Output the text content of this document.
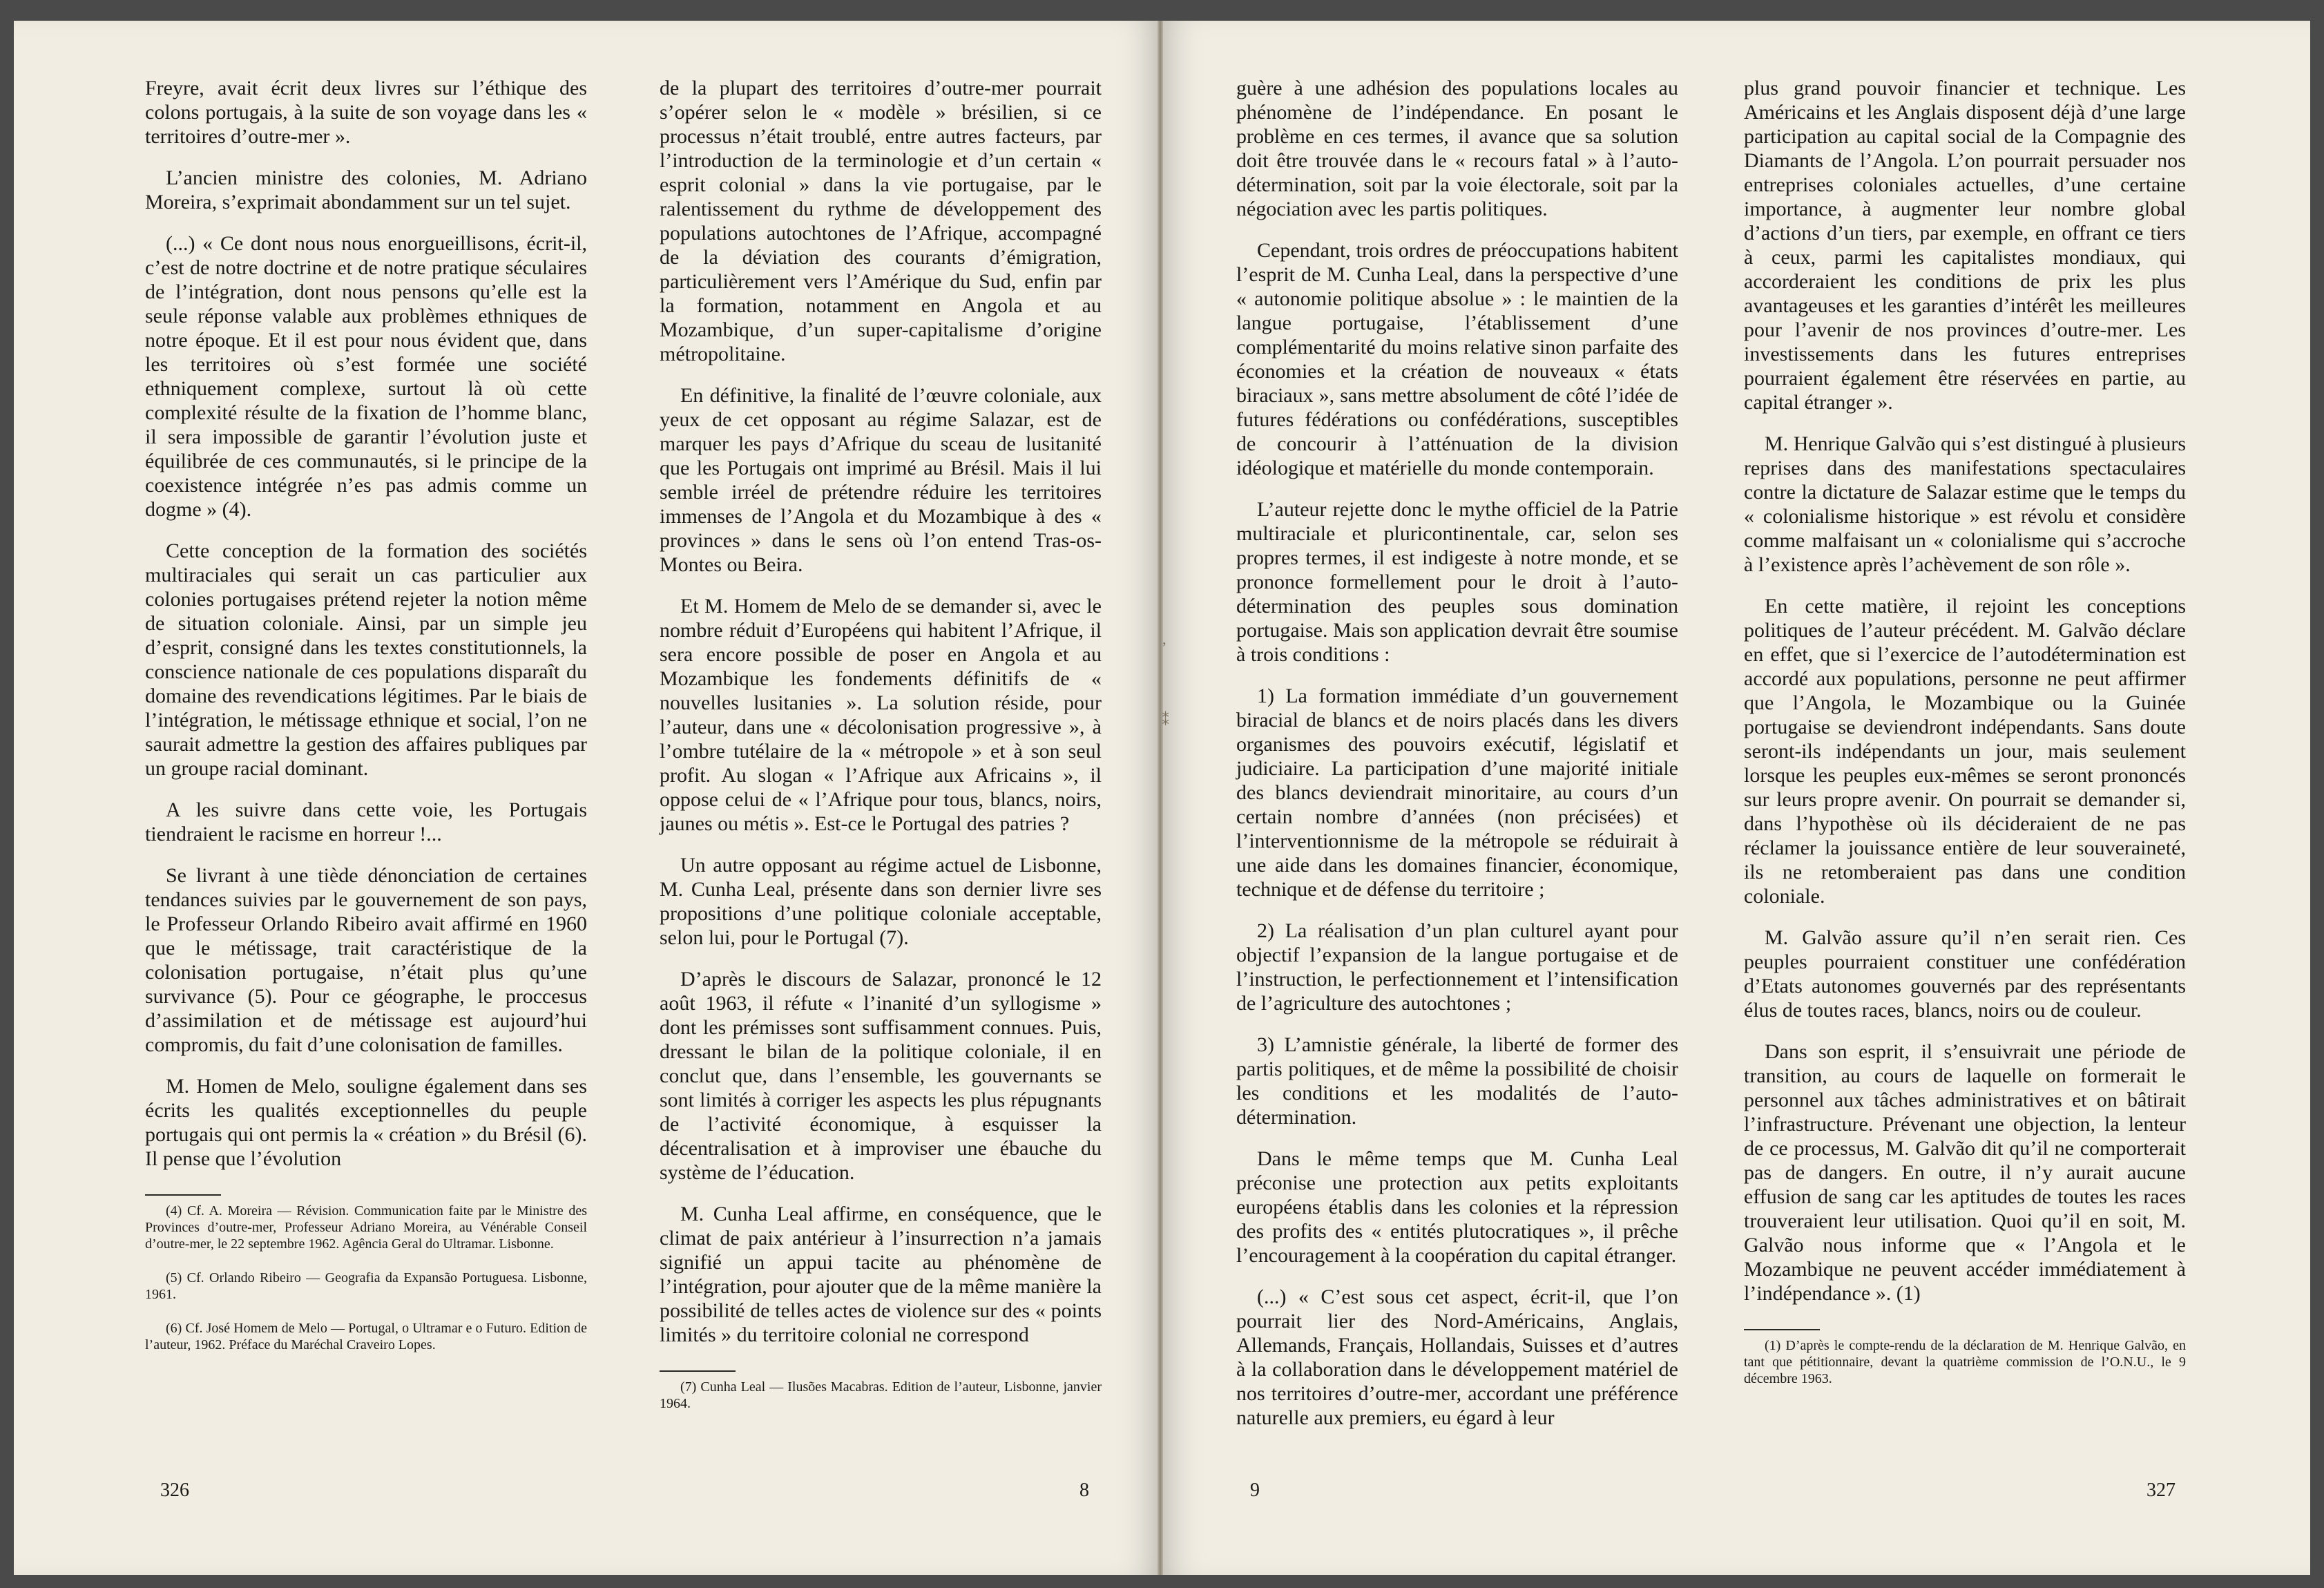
ʼ
⁑

Freyre, avait écrit deux livres sur l’éthique des colons portugais, à la suite de son voyage dans les « territoires d’outre-mer ».

L’ancien ministre des colonies, M. Adriano Moreira, s’exprimait abondamment sur un tel sujet.

(...) « Ce dont nous nous enorgueillisons, écrit-il, c’est de notre doctrine et de notre pratique séculaires de l’intégration, dont nous pensons qu’elle est la seule réponse valable aux problèmes ethniques de notre époque. Et il est pour nous évident que, dans les territoires où s’est formée une société ethniquement complexe, surtout là où cette complexité résulte de la fixation de l’homme blanc, il sera impossible de garantir l’évolution juste et équilibrée de ces communautés, si le principe de la coexistence intégrée n’es pas admis comme un dogme » (4).

Cette conception de la formation des sociétés multiraciales qui serait un cas particulier aux colonies portugaises prétend rejeter la notion même de situation coloniale. Ainsi, par un simple jeu d’esprit, consigné dans les textes constitutionnels, la conscience nationale de ces populations disparaît du domaine des revendications légitimes. Par le biais de l’intégration, le métissage ethnique et social, l’on ne saurait admettre la gestion des affaires publiques par un groupe racial dominant.

A les suivre dans cette voie, les Portugais tiendraient le racisme en horreur !...

Se livrant à une tiède dénonciation de certaines tendances suivies par le gouvernement de son pays, le Professeur Orlando Ribeiro avait affirmé en 1960 que le métissage, trait caractéristique de la colonisation portugaise, n’était plus qu’une survivance (5). Pour ce géographe, le proccesus d’assimilation et de métissage est aujourd’hui compromis, du fait d’une colonisation de familles.

M. Homen de Melo, souligne également dans ses écrits les qualités exceptionnelles du peuple portugais qui ont permis la « création » du Brésil (6). Il pense que l’évolution

(4) Cf. A. Moreira — Révision. Communication faite par le Ministre des Provinces d’outre-mer, Professeur Adriano Moreira, au Vénérable Conseil d’outre-mer, le 22 septembre 1962. Agência Geral do Ultramar. Lisbonne.

(5) Cf. Orlando Ribeiro — Geografia da Expansão Portuguesa. Lisbonne, 1961.

(6) Cf. José Homem de Melo — Portugal, o Ultramar e o Futuro. Edition de l’auteur, 1962. Préface du Maréchal Craveiro Lopes.

de la plupart des territoires d’outre-mer pourrait s’opérer selon le « modèle » brésilien, si ce processus n’était troublé, entre autres facteurs, par l’introduction de la terminologie et d’un certain « esprit colonial » dans la vie portugaise, par le ralentissement du rythme de développement des populations autochtones de l’Afrique, accompagné de la déviation des courants d’émigration, particulièrement vers l’Amérique du Sud, enfin par la formation, notamment en Angola et au Mozambique, d’un super-capitalisme d’origine métropolitaine.

En définitive, la finalité de l’œuvre coloniale, aux yeux de cet opposant au régime Salazar, est de marquer les pays d’Afrique du sceau de lusitanité que les Portugais ont imprimé au Brésil. Mais il lui semble irréel de prétendre réduire les territoires immenses de l’Angola et du Mozambique à des « provinces » dans le sens où l’on entend Tras-os-Montes ou Beira.

Et M. Homem de Melo de se demander si, avec le nombre réduit d’Européens qui habitent l’Afrique, il sera encore possible de poser en Angola et au Mozambique les fondements définitifs de « nouvelles lusitanies ». La solution réside, pour l’auteur, dans une « décolonisation progressive », à l’ombre tutélaire de la « métropole » et à son seul profit. Au slogan « l’Afrique aux Africains », il oppose celui de « l’Afrique pour tous, blancs, noirs, jaunes ou métis ». Est-ce le Portugal des patries ?

Un autre opposant au régime actuel de Lisbonne, M. Cunha Leal, présente dans son dernier livre ses propositions d’une politique coloniale acceptable, selon lui, pour le Portugal (7).

D’après le discours de Salazar, prononcé le 12 août 1963, il réfute « l’inanité d’un syllogisme » dont les prémisses sont suffisamment connues. Puis, dressant le bilan de la politique coloniale, il en conclut que, dans l’ensemble, les gouvernants se sont limités à corriger les aspects les plus répugnants de l’activité économique, à esquisser la décentralisation et à improviser une ébauche du système de l’éducation.

M. Cunha Leal affirme, en conséquence, que le climat de paix antérieur à l’insurrection n’a jamais signifié un appui tacite au phénomène de l’intégration, pour ajouter que de la même manière la possibilité de telles actes de violence sur des « points limités » du territoire colonial ne correspond

(7) Cunha Leal — Ilusões Macabras. Edition de l’auteur, Lisbonne, janvier 1964.

guère à une adhésion des populations locales au phénomène de l’indépendance. En posant le problème en ces termes, il avance que sa solution doit être trouvée dans le « recours fatal » à l’auto-détermination, soit par la voie électorale, soit par la négociation avec les partis politiques.

Cependant, trois ordres de préoccupations habitent l’esprit de M. Cunha Leal, dans la perspective d’une « autonomie politique absolue » : le maintien de la langue portugaise, l’établissement d’une complémentarité du moins relative sinon parfaite des économies et la création de nouveaux « états biraciaux », sans mettre absolument de côté l’idée de futures fédérations ou confédérations, susceptibles de concourir à l’atténuation de la division idéologique et matérielle du monde contemporain.

L’auteur rejette donc le mythe officiel de la Patrie multiraciale et pluricontinentale, car, selon ses propres termes, il est indigeste à notre monde, et se prononce formellement pour le droit à l’auto-détermination des peuples sous domination portugaise. Mais son application devrait être soumise à trois conditions :

1) La formation immédiate d’un gouvernement biracial de blancs et de noirs placés dans les divers organismes des pouvoirs exécutif, législatif et judiciaire. La participation d’une majorité initiale des blancs deviendrait minoritaire, au cours d’un certain nombre d’années (non précisées) et l’interventionnisme de la métropole se réduirait à une aide dans les domaines financier, économique, technique et de défense du territoire ;

2) La réalisation d’un plan culturel ayant pour objectif l’expansion de la langue portugaise et de l’instruction, le perfectionnement et l’intensification de l’agriculture des autochtones ;

3) L’amnistie générale, la liberté de former des partis politiques, et de même la possibilité de choisir les conditions et les modalités de l’auto-détermination.

Dans le même temps que M. Cunha Leal préconise une protection aux petits exploitants européens établis dans les colonies et la répression des profits des « entités plutocratiques », il prêche l’encouragement à la coopération du capital étranger.

(...) « C’est sous cet aspect, écrit-il, que l’on pourrait lier des Nord-Américains, Anglais, Allemands, Français, Hollandais, Suisses et d’autres à la collaboration dans le développement matériel de nos territoires d’outre-mer, accordant une préférence naturelle aux premiers, eu égard à leur

plus grand pouvoir financier et technique. Les Américains et les Anglais disposent déjà d’une large participation au capital social de la Compagnie des Diamants de l’Angola. L’on pourrait persuader nos entreprises coloniales actuelles, d’une certaine importance, à augmenter leur nombre global d’actions d’un tiers, par exemple, en offrant ce tiers à ceux, parmi les capitalistes mondiaux, qui accorderaient les conditions de prix les plus avantageuses et les garanties d’intérêt les meilleures pour l’avenir de nos provinces d’outre-mer. Les investissements dans les futures entreprises pourraient également être réservées en partie, au capital étranger ».

M. Henrique Galvão qui s’est distingué à plusieurs reprises dans des manifestations spectaculaires contre la dictature de Salazar estime que le temps du « colonialisme historique » est révolu et considère comme malfaisant un « colonialisme qui s’accroche à l’existence après l’achèvement de son rôle ».

En cette matière, il rejoint les conceptions politiques de l’auteur précédent. M. Galvão déclare en effet, que si l’exercice de l’autodétermination est accordé aux populations, personne ne peut affirmer que l’Angola, le Mozambique ou la Guinée portugaise se deviendront indépendants. Sans doute seront-ils indépendants un jour, mais seulement lorsque les peuples eux-mêmes se seront prononcés sur leurs propre avenir. On pourrait se demander si, dans l’hypothèse où ils décideraient de ne pas réclamer la jouissance entière de leur souveraineté, ils ne retomberaient pas dans une condition coloniale.

M. Galvão assure qu’il n’en serait rien. Ces peuples pourraient constituer une confédération d’Etats autonomes gouvernés par des représentants élus de toutes races, blancs, noirs ou de couleur.

Dans son esprit, il s’ensuivrait une période de transition, au cours de laquelle on formerait le personnel aux tâches administratives et on bâtirait l’infrastructure. Prévenant une objection, la lenteur de ce processus, M. Galvão dit qu’il ne comporterait pas de dangers. En outre, il n’y aurait aucune effusion de sang car les aptitudes de toutes les races trouveraient leur utilisation. Quoi qu’il en soit, M. Galvão nous informe que « l’Angola et le Mozambique ne peuvent accéder immédiatement à l’indépendance ». (1)

(1) D’après le compte-rendu de la déclaration de M. Henrique Galvão, en tant que pétitionnaire, devant la quatrième commission de l’O.N.U., le 9 décembre 1963.

326	8	9	327
